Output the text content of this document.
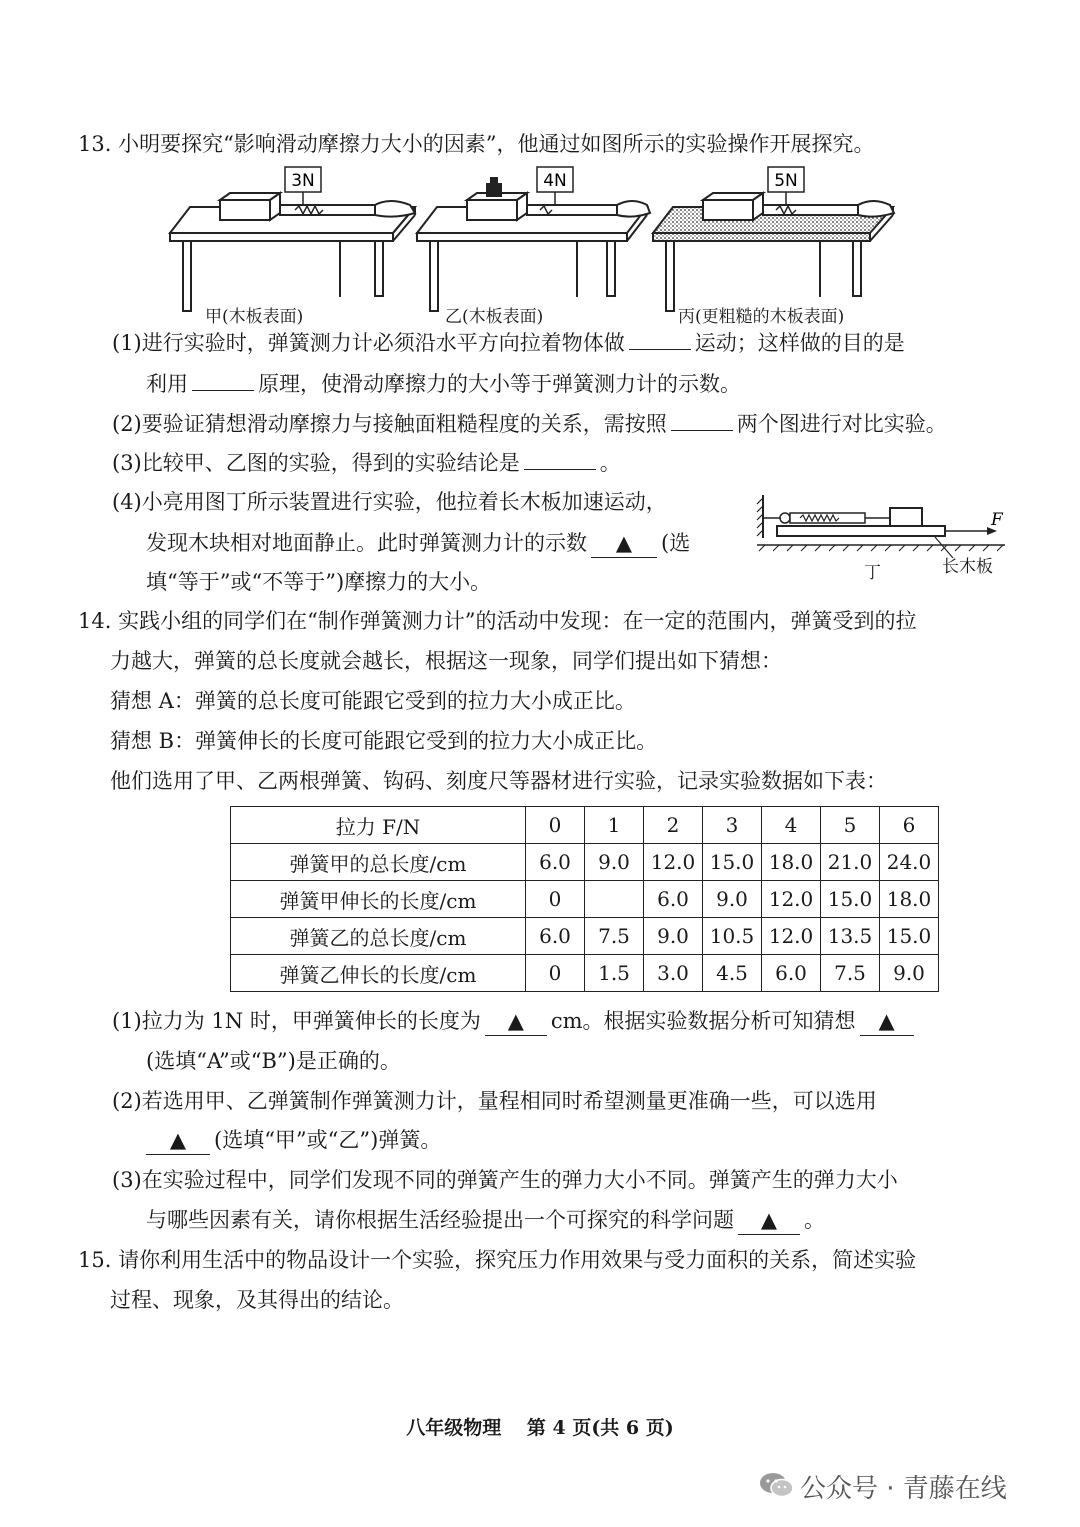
13. 小明要探究“影响滑动摩擦力大小的因素”，他通过如图所示的实验操作开展探究。
3N
甲(木板表面)
4N
乙(木板表面)
5N
丙(更粗糙的木板表面)
(1)进行实验时，弹簧测力计必须沿水平方向拉着物体做	运动；这样做的目的是
利用	原理，使滑动摩擦力的大小等于弹簧测力计的示数。
(2)要验证猜想滑动摩擦力与接触面粗糙程度的关系，需按照	两个图进行对比实验。
(3)比较甲、乙图的实验，得到的实验结论是	。
(4)小亮用图丁所示装置进行实验，他拉着长木板加速运动，
发现木块相对地面静止。此时弹簧测力计的示数 ▲ (选
填“等于”或“不等于”)摩擦力的大小。
F
丁	长木板
14. 实践小组的同学们在“制作弹簧测力计”的活动中发现：在一定的范围内，弹簧受到的拉
力越大，弹簧的总长度就会越长，根据这一现象，同学们提出如下猜想：
猜想 A：弹簧的总长度可能跟它受到的拉力大小成正比。
猜想 B：弹簧伸长的长度可能跟它受到的拉力大小成正比。
他们选用了甲、乙两根弹簧、钩码、刻度尺等器材进行实验，记录实验数据如下表：
拉力 F/N	0	1	2	3	4	5	6
弹簧甲的总长度/cm	6.0	9.0	12.0	15.0	18.0	21.0	24.0
弹簧甲伸长的长度/cm	0		6.0	9.0	12.0	15.0	18.0
弹簧乙的总长度/cm	6.0	7.5	9.0	10.5	12.0	13.5	15.0
弹簧乙伸长的长度/cm	0	1.5	3.0	4.5	6.0	7.5	9.0
(1)拉力为 1N 时，甲弹簧伸长的长度为 ▲ cm。根据实验数据分析可知猜想 ▲
(选填“A”或“B”)是正确的。
(2)若选用甲、乙弹簧制作弹簧测力计，量程相同时希望测量更准确一些，可以选用
▲ (选填“甲”或“乙”)弹簧。
(3)在实验过程中，同学们发现不同的弹簧产生的弹力大小不同。弹簧产生的弹力大小
与哪些因素有关，请你根据生活经验提出一个可探究的科学问题 ▲ 。
15. 请你利用生活中的物品设计一个实验，探究压力作用效果与受力面积的关系，简述实验
过程、现象，及其得出的结论。
八年级物理　 第 4 页(共 6 页)
公众号 · 青藤在线
